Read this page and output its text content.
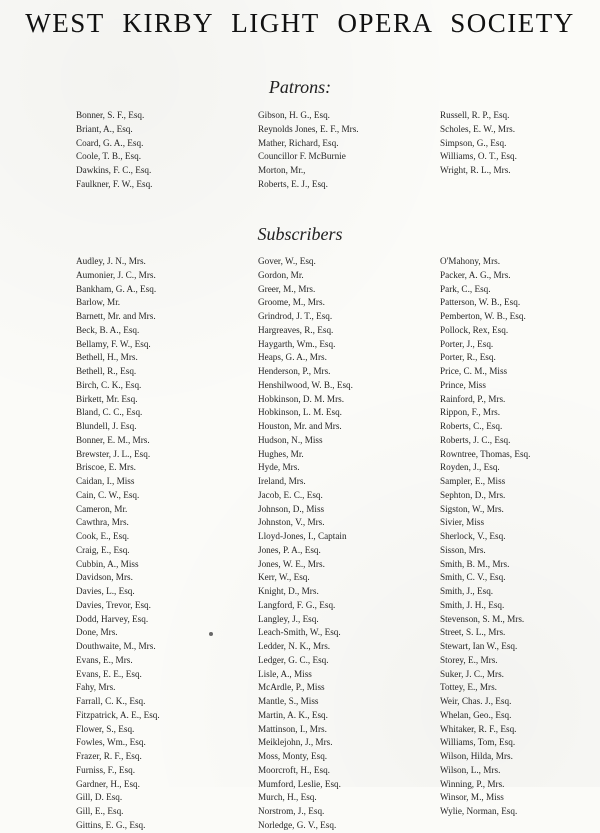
WEST KIRBY LIGHT OPERA SOCIETY
Patrons:
Bonner, S. F., Esq.
Briant, A., Esq.
Coard, G. A., Esq.
Coole, T. B., Esq.
Dawkins, F. C., Esq.
Faulkner, F. W., Esq.
Gibson, H. G., Esq.
Reynolds Jones, E. F., Mrs.
Mather, Richard, Esq.
Councillor F. McBurnie
Morton, Mr.,
Roberts, E. J., Esq.
Russell, R. P., Esq.
Scholes, E. W., Mrs.
Simpson, G., Esq.
Williams, O. T., Esq.
Wright, R. L., Mrs.
Subscribers
Audley, J. N., Mrs.
Aumonier, J. C., Mrs.
Bankham, G. A., Esq.
Barlow, Mr.
Barnett, Mr. and Mrs.
Beck, B. A., Esq.
Bellamy, F. W., Esq.
Bethell, H., Mrs.
Bethell, R., Esq.
Birch, C. K., Esq.
Birkett, Mr. Esq.
Bland, C. C., Esq.
Blundell, J. Esq.
Bonner, E. M., Mrs.
Brewster, J. L., Esq.
Briscoe, E. Mrs.
Caidan, I., Miss
Cain, C. W., Esq.
Cameron, Mr.
Cawthra, Mrs.
Cook, E., Esq.
Craig, E., Esq.
Cubbin, A., Miss
Davidson, Mrs.
Davies, L., Esq.
Davies, Trevor, Esq.
Dodd, Harvey, Esq.
Done, Mrs.
Douthwaite, M., Mrs.
Evans, E., Mrs.
Evans, E. E., Esq.
Fahy, Mrs.
Farrall, C. K., Esq.
Fitzpatrick, A. E., Esq.
Flower, S., Esq.
Fowles, Wm., Esq.
Frazer, R. F., Esq.
Furniss, F., Esq.
Gardner, H., Esq.
Gill, D. Esq.
Gill, E., Esq.
Gittins, E. G., Esq.
Gover, W., Esq.
Gordon, Mr.
Greer, M., Mrs.
Groome, M., Mrs.
Grindrod, J. T., Esq.
Hargreaves, R., Esq.
Haygarth, Wm., Esq.
Heaps, G. A., Mrs.
Henderson, P., Mrs.
Henshilwood, W. B., Esq.
Hobkinson, D. M. Mrs.
Hobkinson, L. M. Esq.
Houston, Mr. and Mrs.
Hudson, N., Miss
Hughes, Mr.
Hyde, Mrs.
Ireland, Mrs.
Jacob, E. C., Esq.
Johnson, D., Miss
Johnston, V., Mrs.
Lloyd-Jones, I., Captain
Jones, P. A., Esq.
Jones, W. E., Mrs.
Kerr, W., Esq.
Knight, D., Mrs.
Langford, F. G., Esq.
Langley, J., Esq.
Leach-Smith, W., Esq.
Ledder, N. K., Mrs.
Ledger, G. C., Esq.
Lisle, A., Miss
McArdle, P., Miss
Mantle, S., Miss
Martin, A. K., Esq.
Mattinson, I., Mrs.
Meiklejohn, J., Mrs.
Moss, Monty, Esq.
Moorcroft, H., Esq.
Mumford, Leslie, Esq.
Murch, H., Esq.
Norstrom, J., Esq.
Norledge, G. V., Esq.
O'Mahony, Mrs.
Packer, A. G., Mrs.
Park, C., Esq.
Patterson, W. B., Esq.
Pemberton, W. B., Esq.
Pollock, Rex, Esq.
Porter, J., Esq.
Porter, R., Esq.
Price, C. M., Miss
Prince, Miss
Rainford, P., Mrs.
Rippon, F., Mrs.
Roberts, C., Esq.
Roberts, J. C., Esq.
Rowntree, Thomas, Esq.
Royden, J., Esq.
Sampler, E., Miss
Sephton, D., Mrs.
Sigston, W., Mrs.
Sivier, Miss
Sherlock, V., Esq.
Sisson, Mrs.
Smith, B. M., Mrs.
Smith, C. V., Esq.
Smith, J., Esq.
Smith, J. H., Esq.
Stevenson, S. M., Mrs.
Street, S. L., Mrs.
Stewart, Ian W., Esq.
Storey, E., Mrs.
Suker, J. C., Mrs.
Tottey, E., Mrs.
Weir, Chas. J., Esq.
Whelan, Geo., Esq.
Whitaker, R. F., Esq.
Williams, Tom, Esq.
Wilson, Hilda, Mrs.
Wilson, L., Mrs.
Winning, P., Mrs.
Winsor, M., Miss
Wylie, Norman, Esq.
